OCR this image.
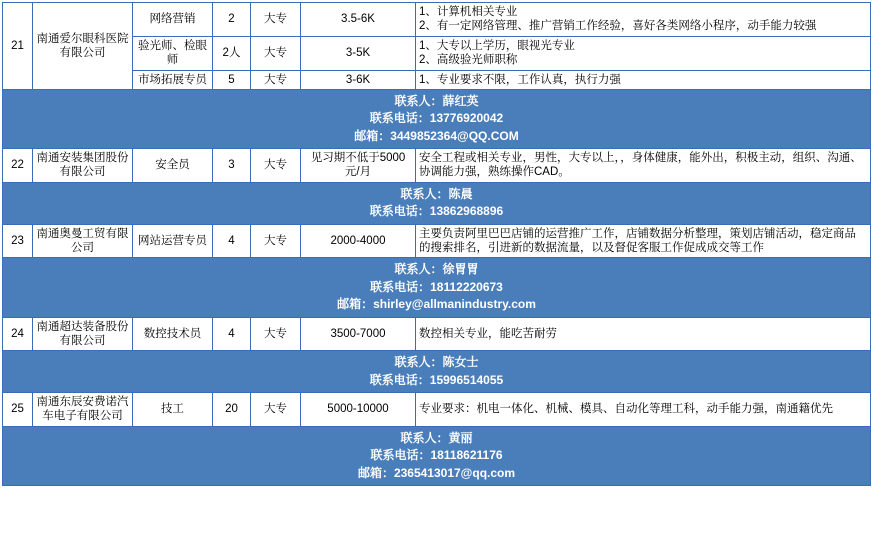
21	南通爱尔眼科医院有限公司	网络营销	2	大专	3.5-6K	1、计算机相关专业
2、有一定网络管理、推广营销工作经验，喜好各类网络小程序，动手能力较强

		验光师、检眼师	2人	大专	3-5K	1、大专以上学历，眼视光专业
2、高级验光师职称

		市场拓展专员	5	大专	3-6K	1、专业要求不限，工作认真，执行力强

联系人：薛红英
联系电话：13776920042
邮箱：3449852364@QQ.COM						

22	南通安装集团股份有限公司	安全员	3	大专	见习期不低于5000元/月	安全工程或相关专业，男性，大专以上，，身体健康，能外出，积极主动，组织、沟通、协调能力强，熟练操作CAD。

联系人：陈晨
联系电话：13862968896						

23	南通奥曼工贸有限公司	网站运营专员	4	大专	2000-4000	主要负责阿里巴巴店铺的运营推广工作，店铺数据分析整理，策划店铺活动，稳定商品的搜索排名，引进新的数据流量，以及督促客服工作促成成交等工作

联系人：徐胃胃
联系电话：18112220673
邮箱：shirley@allmanindustry.com						

24	南通超达装备股份有限公司	数控技术员	4	大专	3500-7000	数控相关专业，能吃苦耐劳

联系人：陈女士
联系电话：15996514055						

25	南通东辰安费诺汽车电子有限公司	技工	20	大专	5000-10000	专业要求：机电一体化、机械、模具、自动化等理工科，动手能力强，南通籍优先

联系人：黄丽
联系电话：18118621176
邮箱：2365413017@qq.com						
